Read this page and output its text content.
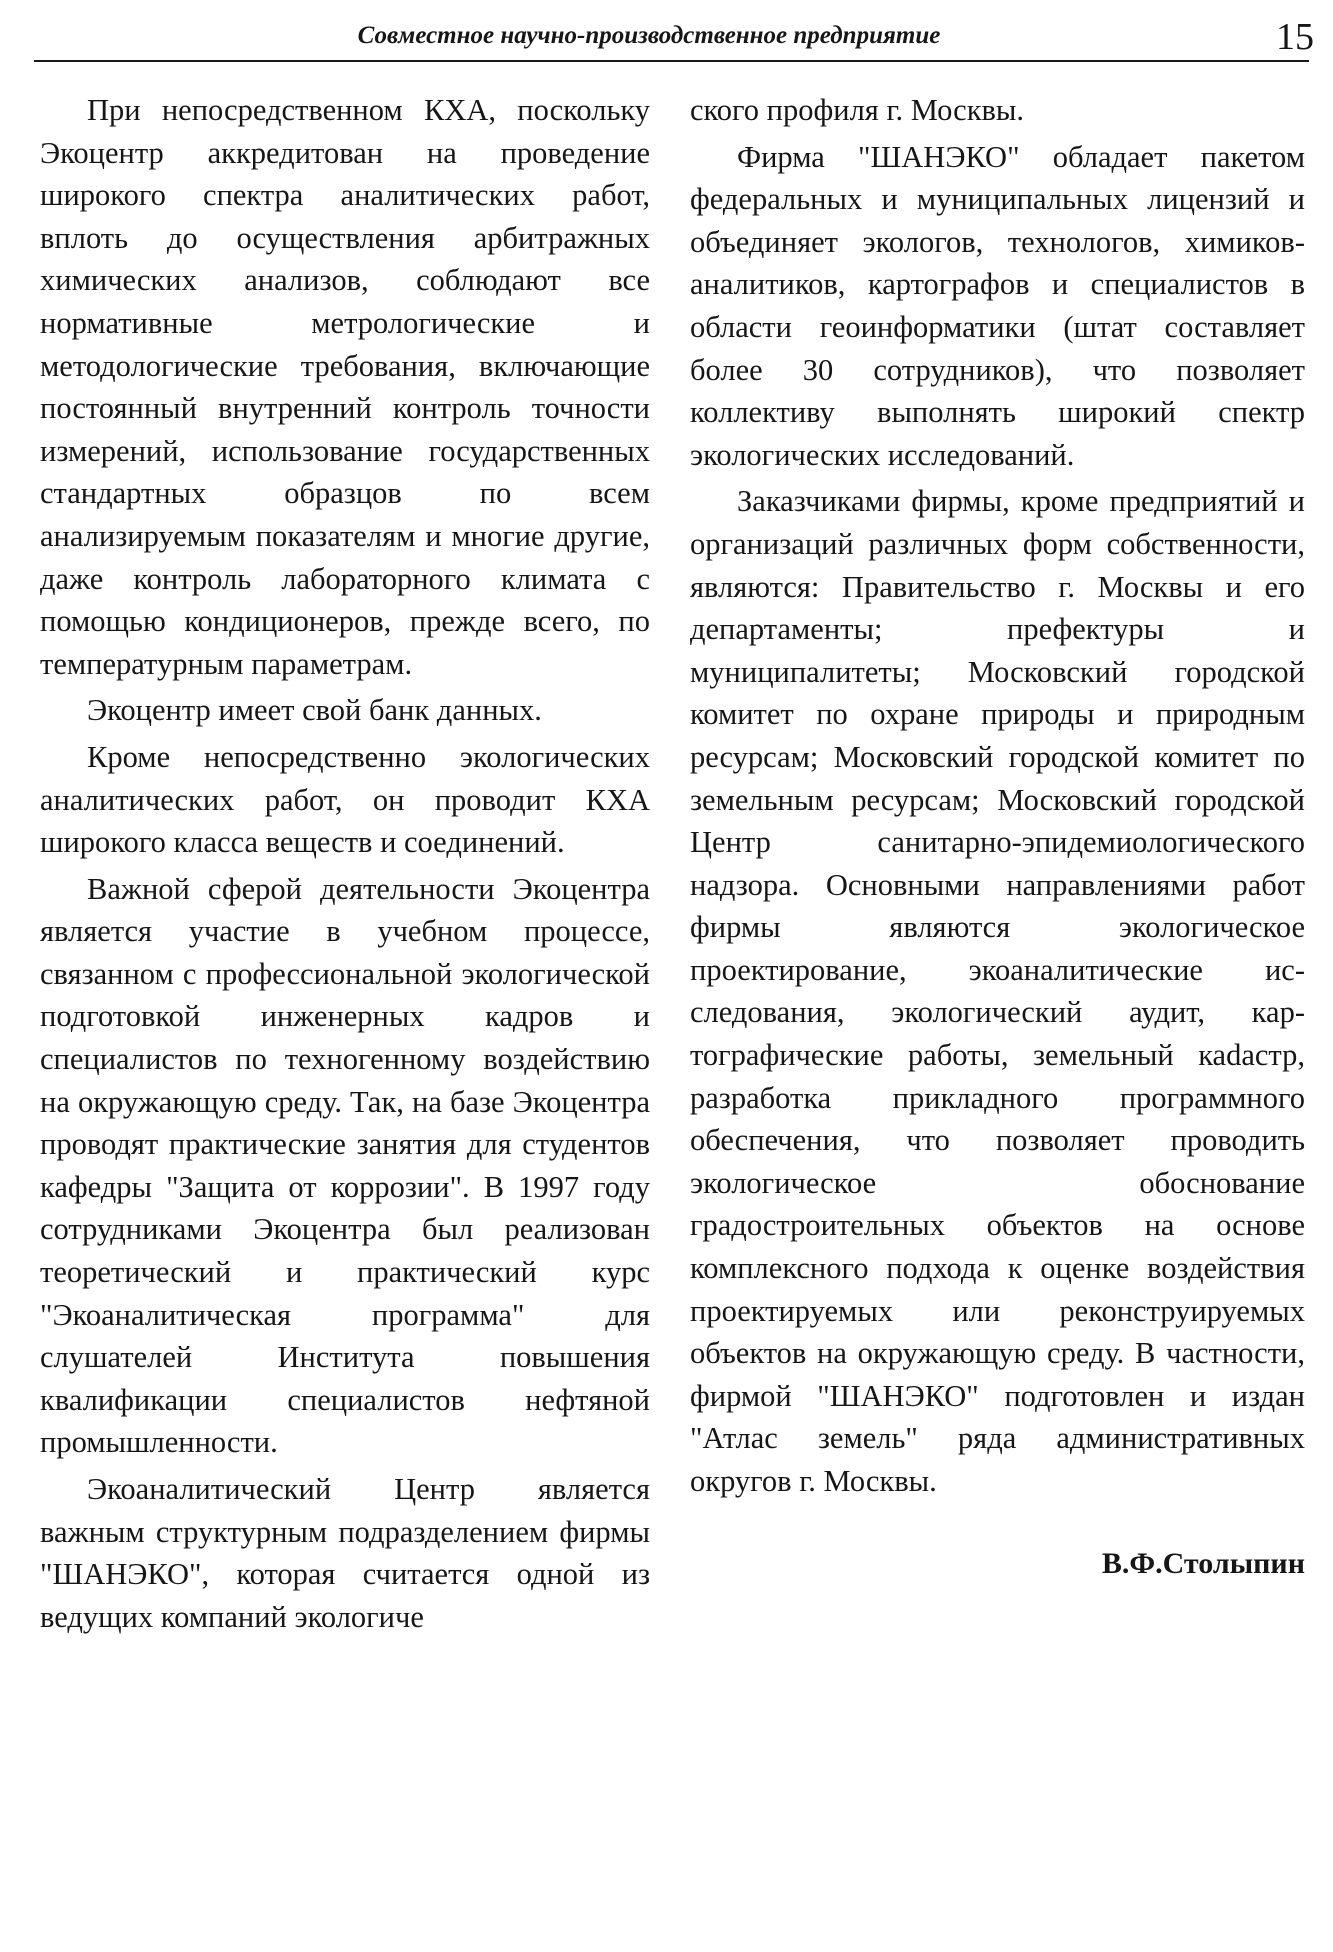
Совместное научно-производственное предприятие	15

При непосредственном КХА, поскольку Экоцентр аккредитован на проведение широкого спектра аналитических работ, вплоть до осуществления арбитражных химических анализов, соблюдают все нормативные метрологические и методологические требования, включающие постоянный внутренний контроль точности измерений, использование государственных стандартных образцов по всем анализируемым показателям и многие другие, даже контроль лабораторного климата с помощью кондиционеров, прежде всего, по температурным параметрам.

Экоцентр имеет свой банк данных.

Кроме непосредственно экологических аналитических работ, он проводит КХА широкого класса веществ и соединений.

Важной сферой деятельности Экоцентра является участие в учебном процессе, связанном с профессиональной экологической подготовкой инженерных кадров и специалистов по техногенному воздействию на окружающую среду. Так, на базе Экоцентра проводят практические занятия для студентов кафедры "Защита от коррозии". В 1997 году сотрудниками Экоцентра был реализован теоретический и практический курс "Экоаналитическая программа" для слушателей Института повышения квалификации специалистов нефтяной промышленности.

Экоаналитический Центр является важным структурным подразделением фирмы "ШАНЭКО", которая считается одной из ведущих компаний экологиче

ского профиля г. Москвы.

Фирма "ШАНЭКО" обладает пакетом федеральных и муниципальных лицензий и объединяет экологов, технологов, химиков-аналитиков, картографов и специалистов в области геоинформатики (штат составляет более 30 сотрудников), что позволяет коллективу выполнять широкий спектр экологических исследований.

Заказчиками фирмы, кроме предприятий и организаций различных форм собственности, являются: Правительство г. Москвы и его департаменты; префектуры и муниципалитеты; Московский городской комитет по охране природы и природным ресурсам; Московский городской комитет по земельным ресурсам; Московский городской Центр санитарно-эпидемиологического надзора. Основными направлениями работ фирмы являются экологическое проектирование, экоаналитические исследования, экологический аудит, картографические работы, земельный каdастр, разработка прикладного программного обеспечения, что позволяет проводить экологическое обоснование градостроительных объектов на основе комплексного подхода к оценке воздействия проектируемых или реконструируемых объектов на окружающую среду. В частности, фирмой "ШАНЭКО" подготовлен и издан "Атлас земель" ряда административных округов г. Москвы.

В.Ф.Столыпин
